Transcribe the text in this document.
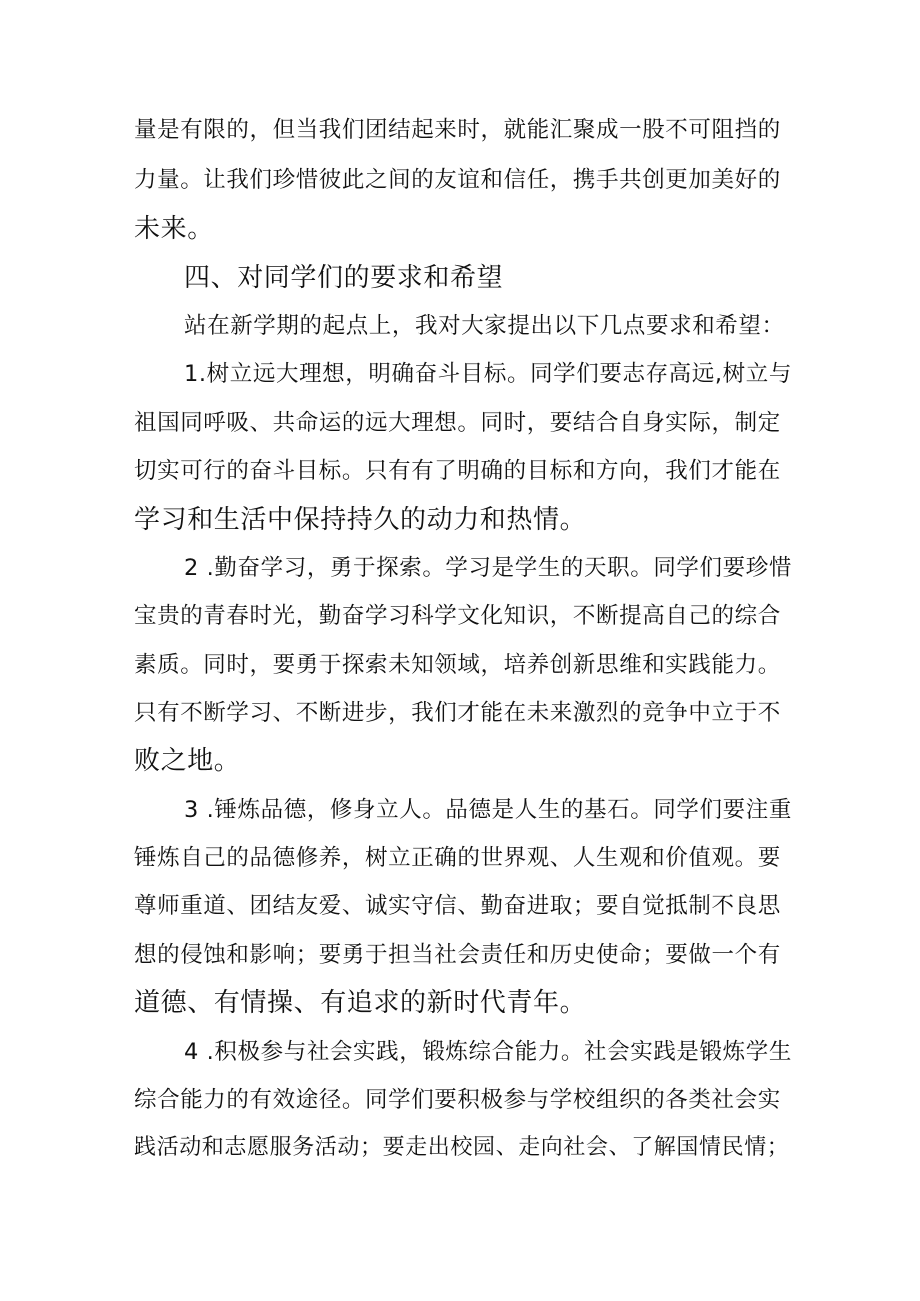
量是有限的，但当我们团结起来时，就能汇聚成一股不可阻挡的
力量。让我们珍惜彼此之间的友谊和信任，携手共创更加美好的
未来。
四、对同学们的要求和希望
站在新学期的起点上，我对大家提出以下几点要求和希望：
1.树立远大理想，明确奋斗目标。同学们要志存高远,树立与
祖国同呼吸、共命运的远大理想。同时，要结合自身实际，制定
切实可行的奋斗目标。只有有了明确的目标和方向，我们才能在
学习和生活中保持持久的动力和热情。
2 .勤奋学习，勇于探索。学习是学生的天职。同学们要珍惜
宝贵的青春时光，勤奋学习科学文化知识，不断提高自己的综合
素质。同时，要勇于探索未知领域，培养创新思维和实践能力。
只有不断学习、不断进步，我们才能在未来激烈的竞争中立于不
败之地。
3 .锤炼品德，修身立人。品德是人生的基石。同学们要注重
锤炼自己的品德修养，树立正确的世界观、人生观和价值观。要
尊师重道、团结友爱、诚实守信、勤奋进取；要自觉抵制不良思
想的侵蚀和影响；要勇于担当社会责任和历史使命；要做一个有
道德、有情操、有追求的新时代青年。
4 .积极参与社会实践，锻炼综合能力。社会实践是锻炼学生
综合能力的有效途径。同学们要积极参与学校组织的各类社会实
践活动和志愿服务活动；要走出校园、走向社会、了解国情民情；
